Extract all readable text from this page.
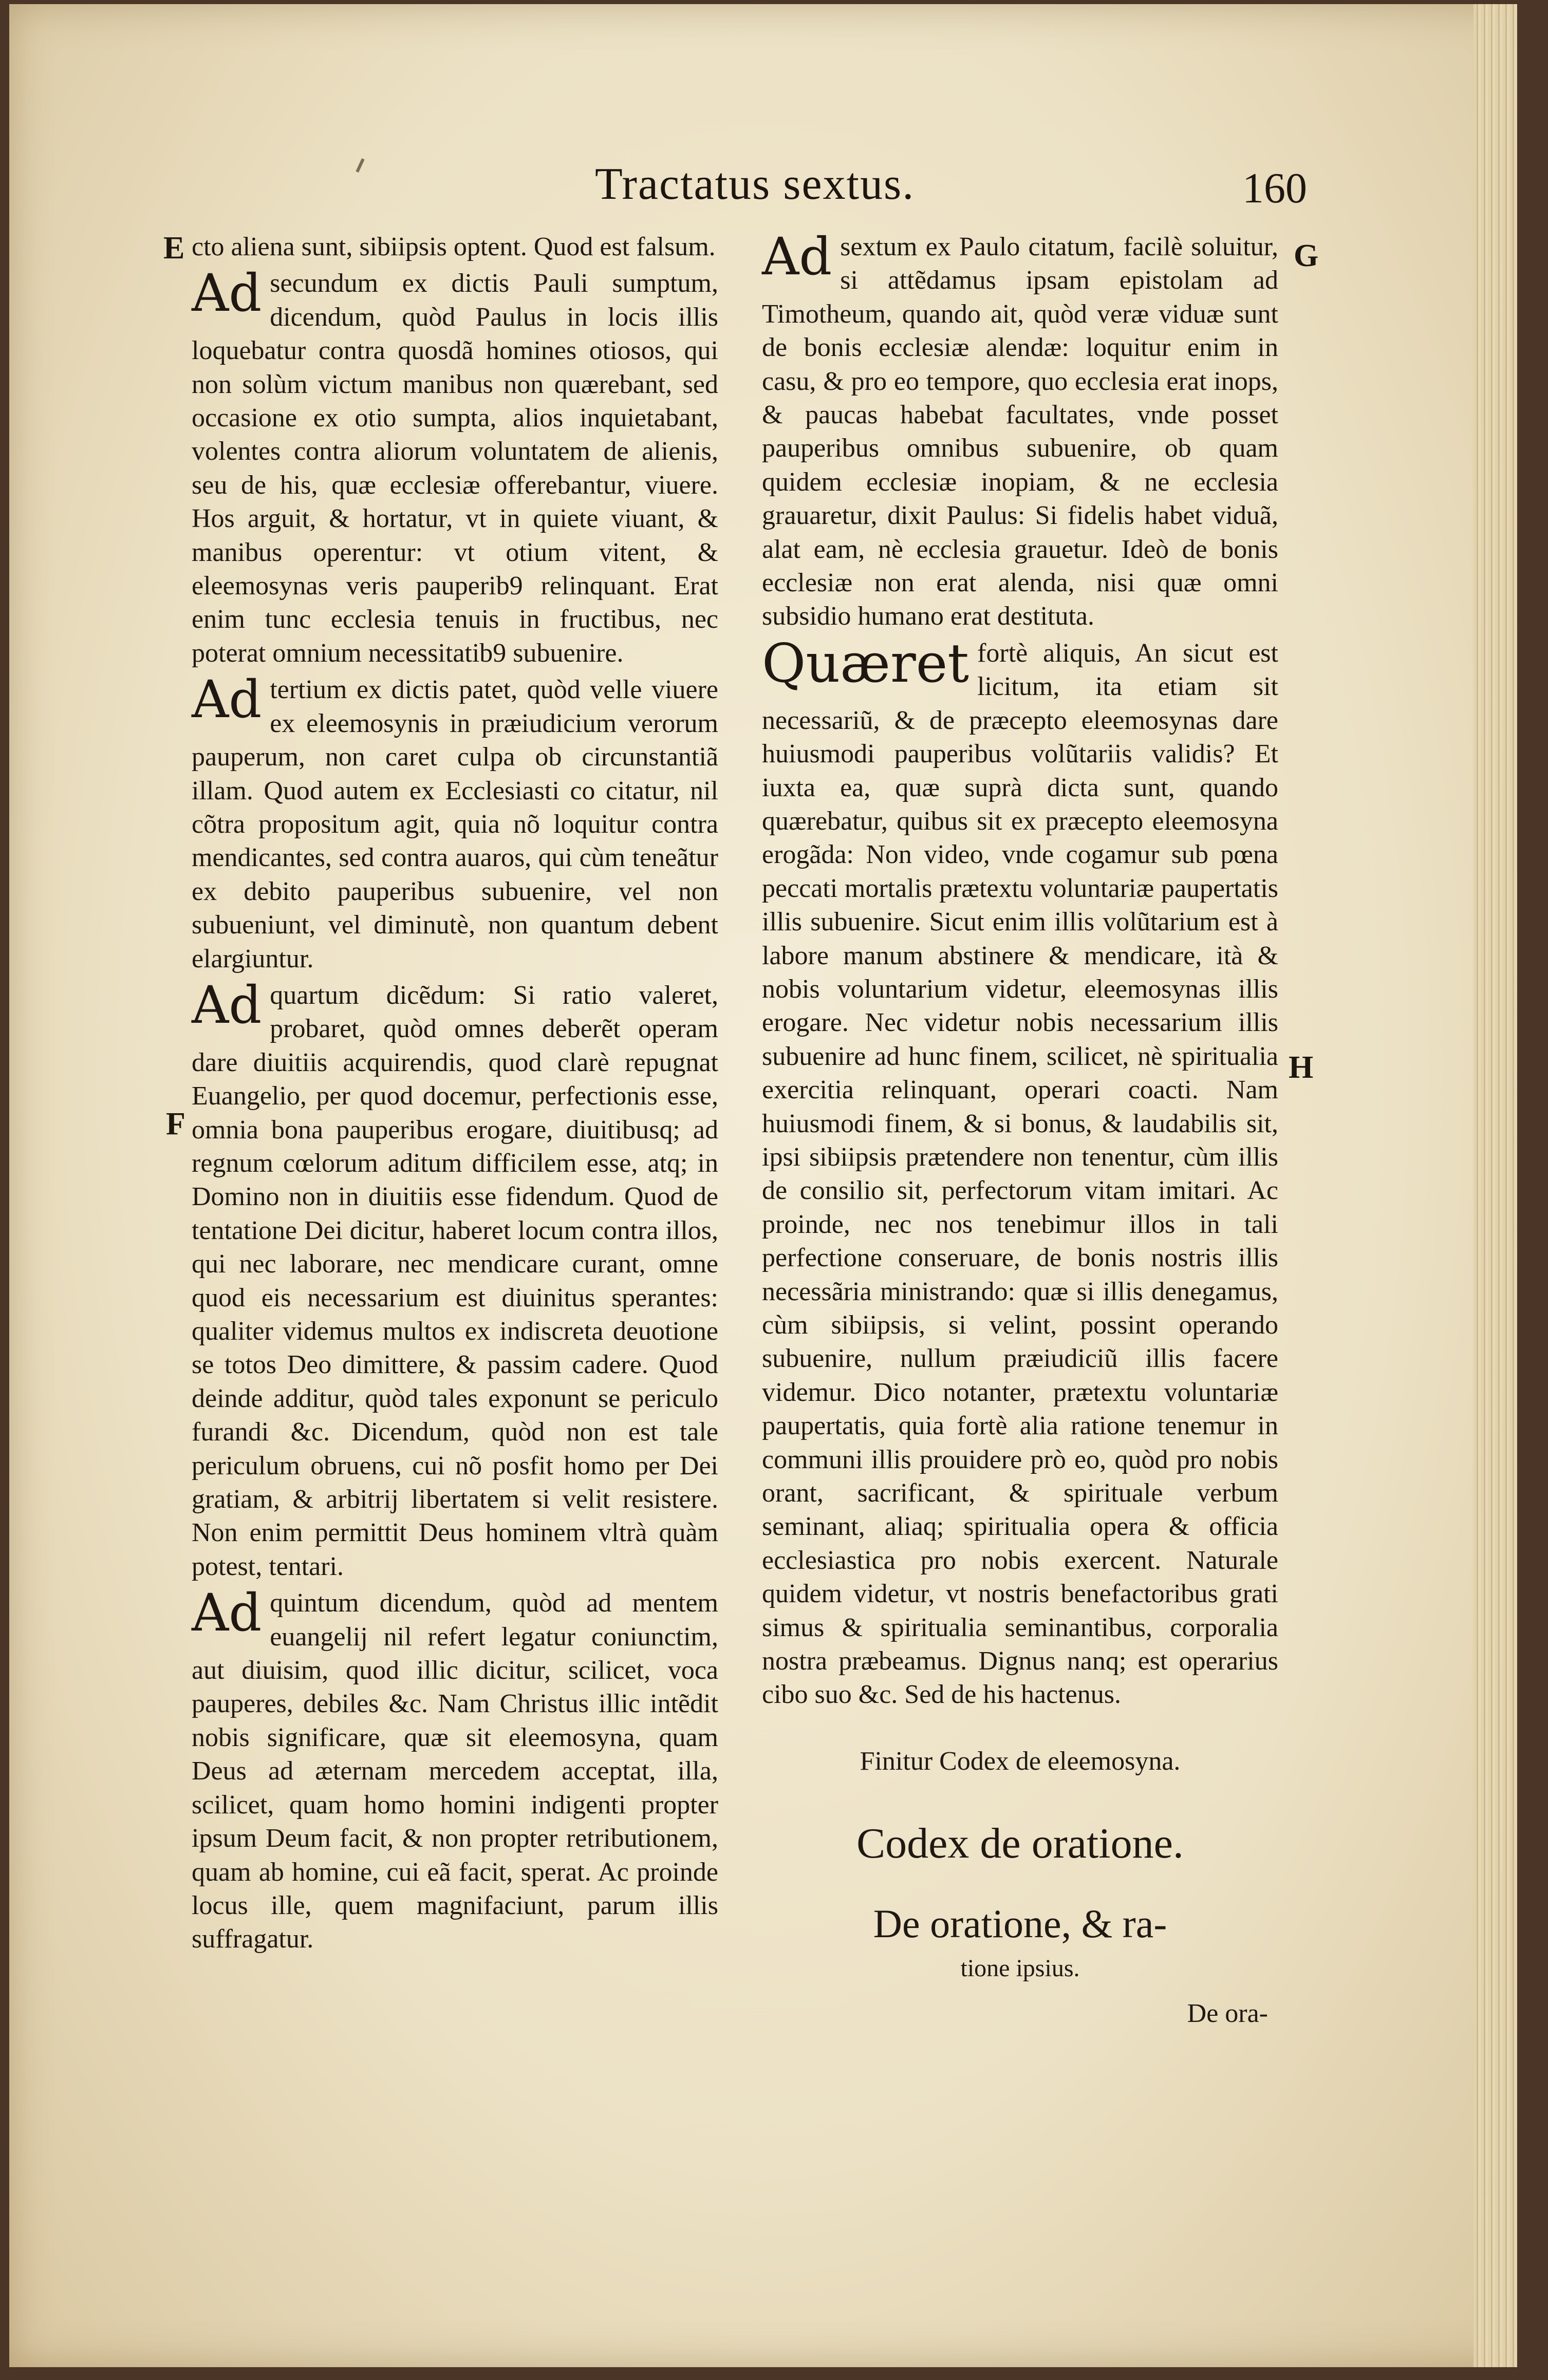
Tractatus sextus.	160
E
F
G
H

cto aliena sunt, sibiipsis optent. Quod est falsum.

Ad secundum ex dictis Pauli sumptum, dicendum, quòd Paulus in locis illis loquebatur contra quosdã homines otiosos, qui non solùm victum manibus non quærebant, sed occasione ex otio sumpta, alios inquietabant, volentes contra aliorum voluntatem de alienis, seu de his, quæ ecclesiæ offerebantur, viuere. Hos arguit, & hortatur, vt in quiete viuant, & manibus operentur: vt otium vitent, & eleemosynas veris pauperib9 relinquant. Erat enim tunc ecclesia tenuis in fructibus, nec poterat omnium necessitatib9 subuenire.

Ad tertium ex dictis patet, quòd velle viuere ex eleemosynis in præiudicium verorum pauperum, non caret culpa ob circunstantiã illam. Quod autem ex Ecclesiasti co citatur, nil cõtra propositum agit, quia nõ loquitur contra mendicantes, sed contra auaros, qui cùm teneãtur ex debito pauperibus subuenire, vel non subueniunt, vel diminutè, non quantum debent elargiuntur.

Ad quartum dicẽdum: Si ratio valeret, probaret, quòd omnes deberẽt operam dare diuitiis acquirendis, quod clarè repugnat Euangelio, per quod docemur, perfectionis esse, omnia bona pauperibus erogare, diuitibusq; ad regnum cœlorum aditum difficilem esse, atq; in Domino non in diuitiis esse fidendum. Quod de tentatione Dei dicitur, haberet locum contra illos, qui nec laborare, nec mendicare curant, omne quod eis necessarium est diuinitus sperantes: qualiter videmus multos ex indiscreta deuotione se totos Deo dimittere, & passim cadere. Quod deinde additur, quòd tales exponunt se periculo furandi &c. Dicendum, quòd non est tale periculum obruens, cui nõ posfit homo per Dei gratiam, & arbitrij libertatem si velit resistere. Non enim permittit Deus hominem vltrà quàm potest, tentari.

Ad quintum dicendum, quòd ad mentem euangelij nil refert legatur coniunctim, aut diuisim, quod illic dicitur, scilicet, voca pauperes, debiles &c. Nam Christus illic intẽdit nobis significare, quæ sit eleemosyna, quam Deus ad æternam mercedem acceptat, illa, scilicet, quam homo homini indigenti propter ipsum Deum facit, & non propter retributionem, quam ab homine, cui eã facit, sperat. Ac proinde locus ille, quem magnifaciunt, parum illis suffragatur.

Ad sextum ex Paulo citatum, facilè soluitur, si attẽdamus ipsam epistolam ad Timotheum, quando ait, quòd veræ viduæ sunt de bonis ecclesiæ alendæ: loquitur enim in casu, & pro eo tempore, quo ecclesia erat inops, & paucas habebat facultates, vnde posset pauperibus omnibus subuenire, ob quam quidem ecclesiæ inopiam, & ne ecclesia grauaretur, dixit Paulus: Si fidelis habet viduã, alat eam, nè ecclesia grauetur. Ideò de bonis ecclesiæ non erat alenda, nisi quæ omni subsidio humano erat destituta.

Quæret fortè aliquis, An sicut est licitum, ita etiam sit necessariũ, & de præcepto eleemosynas dare huiusmodi pauperibus volũtariis validis? Et iuxta ea, quæ suprà dicta sunt, quando quærebatur, quibus sit ex præcepto eleemosyna erogãda: Non video, vnde cogamur sub pœna peccati mortalis prætextu voluntariæ paupertatis illis subuenire. Sicut enim illis volũtarium est à labore manum abstinere & mendicare, ità & nobis voluntarium videtur, eleemosynas illis erogare. Nec videtur nobis necessarium illis subuenire ad hunc finem, scilicet, nè spiritualia exercitia relinquant, operari coacti. Nam huiusmodi finem, & si bonus, & laudabilis sit, ipsi sibiipsis prætendere non tenentur, cùm illis de consilio sit, perfectorum vitam imitari. Ac proinde, nec nos tenebimur illos in tali perfectione conseruare, de bonis nostris illis necessãria ministrando: quæ si illis denegamus, cùm sibiipsis, si velint, possint operando subuenire, nullum præiudiciũ illis facere videmur. Dico notanter, prætextu voluntariæ paupertatis, quia fortè alia ratione tenemur in communi illis prouidere prò eo, quòd pro nobis orant, sacrificant, & spirituale verbum seminant, aliaq; spiritualia opera & officia ecclesiastica pro nobis exercent. Naturale quidem videtur, vt nostris benefactoribus grati simus & spiritualia seminantibus, corporalia nostra præbeamus. Dignus nanq; est operarius cibo suo &c. Sed de his hactenus.

Finitur Codex de eleemosyna.
Codex de oratione.
De oratione, & ra-
tione ipsius.
De ora-
